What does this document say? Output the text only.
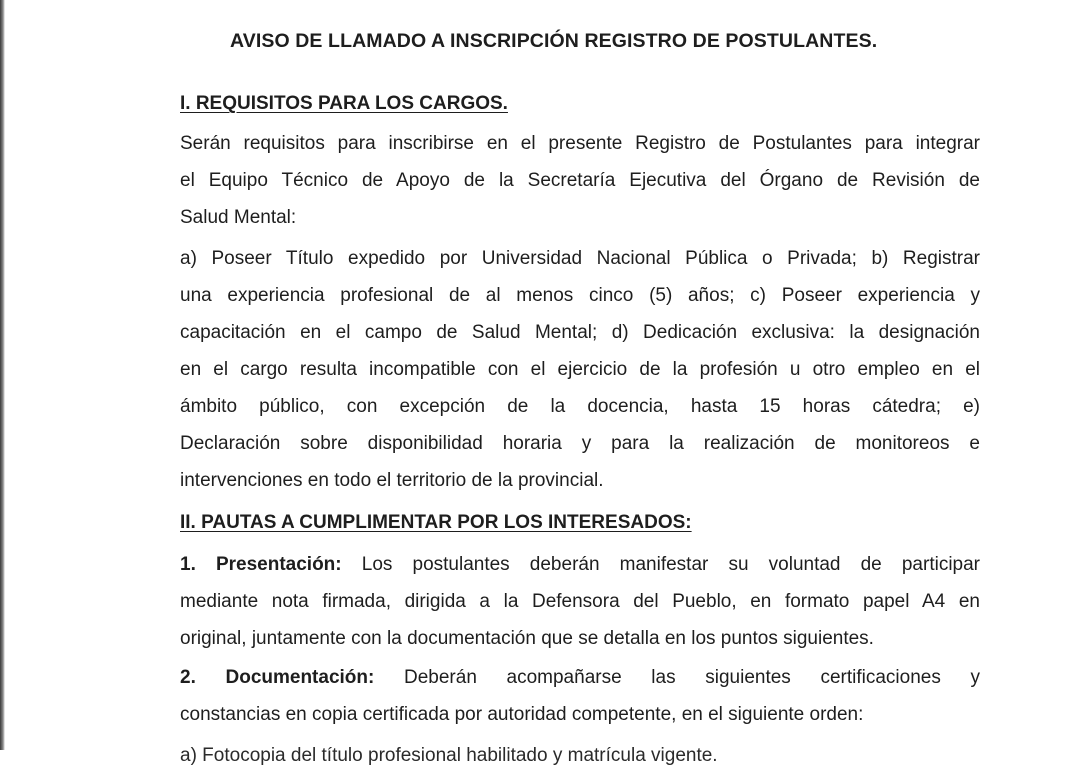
AVISO DE LLAMADO A INSCRIPCIÓN REGISTRO DE POSTULANTES.
I. REQUISITOS PARA LOS CARGOS.
Serán requisitos para inscribirse en el presente Registro de Postulantes para integrar
el Equipo Técnico de Apoyo de la Secretaría Ejecutiva del Órgano de Revisión de
Salud Mental:
a) Poseer Título expedido por Universidad Nacional Pública o Privada; b) Registrar
una experiencia profesional de al menos cinco (5) años; c) Poseer experiencia y
capacitación en el campo de Salud Mental; d) Dedicación exclusiva: la designación
en el cargo resulta incompatible con el ejercicio de la profesión u otro empleo en el
ámbito público, con excepción de la docencia, hasta 15 horas cátedra; e)
Declaración sobre disponibilidad horaria y para la realización de monitoreos e
intervenciones en todo el territorio de la provincial.
II. PAUTAS A CUMPLIMENTAR POR LOS INTERESADOS:
1. Presentación: Los postulantes deberán manifestar su voluntad de participar
mediante nota firmada, dirigida a la Defensora del Pueblo, en formato papel A4 en
original, juntamente con la documentación que se detalla en los puntos siguientes.
2. Documentación: Deberán acompañarse las siguientes certificaciones y
constancias en copia certificada por autoridad competente, en el siguiente orden:
a) Fotocopia del título profesional habilitado y matrícula vigente.
